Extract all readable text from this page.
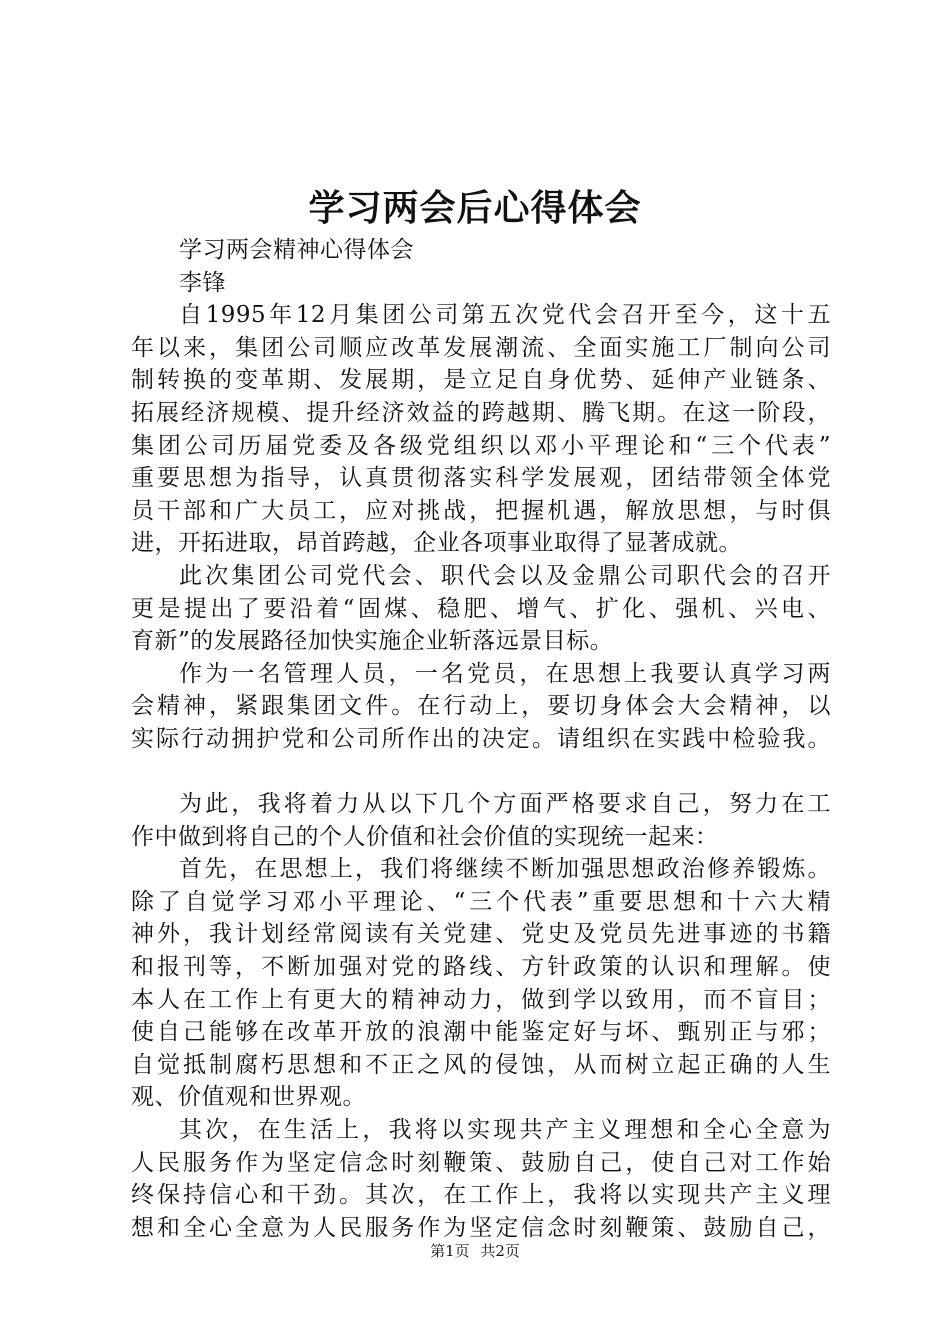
学习两会后心得体会
学习两会精神心得体会
李锋
自1995年12月集团公司第五次党代会召开至今，这十五
年以来，集团公司顺应改革发展潮流、全面实施工厂制向公司
制转换的变革期、发展期，是立足自身优势、延伸产业链条、
拓展经济规模、提升经济效益的跨越期、腾飞期。在这一阶段，
集团公司历届党委及各级党组织以邓小平理论和“三个代表”
重要思想为指导，认真贯彻落实科学发展观，团结带领全体党
员干部和广大员工，应对挑战，把握机遇，解放思想，与时俱
进，开拓进取，昂首跨越，企业各项事业取得了显著成就。
此次集团公司党代会、职代会以及金鼎公司职代会的召开
更是提出了要沿着“固煤、稳肥、增气、扩化、强机、兴电、
育新”的发展路径加快实施企业斩落远景目标。
作为一名管理人员，一名党员，在思想上我要认真学习两
会精神，紧跟集团文件。在行动上，要切身体会大会精神，以
实际行动拥护党和公司所作出的决定。请组织在实践中检验我。
为此，我将着力从以下几个方面严格要求自己，努力在工
作中做到将自己的个人价值和社会价值的实现统一起来：
首先，在思想上，我们将继续不断加强思想政治修养锻炼。
除了自觉学习邓小平理论、“三个代表”重要思想和十六大精
神外，我计划经常阅读有关党建、党史及党员先进事迹的书籍
和报刊等，不断加强对党的路线、方针政策的认识和理解。使
本人在工作上有更大的精神动力，做到学以致用，而不盲目；
使自己能够在改革开放的浪潮中能鉴定好与坏、甄别正与邪；
自觉抵制腐朽思想和不正之风的侵蚀，从而树立起正确的人生
观、价值观和世界观。
其次，在生活上，我将以实现共产主义理想和全心全意为
人民服务作为坚定信念时刻鞭策、鼓励自己，使自己对工作始
终保持信心和干劲。其次，在工作上，我将以实现共产主义理
想和全心全意为人民服务作为坚定信念时刻鞭策、鼓励自己，
第1页 共2页
